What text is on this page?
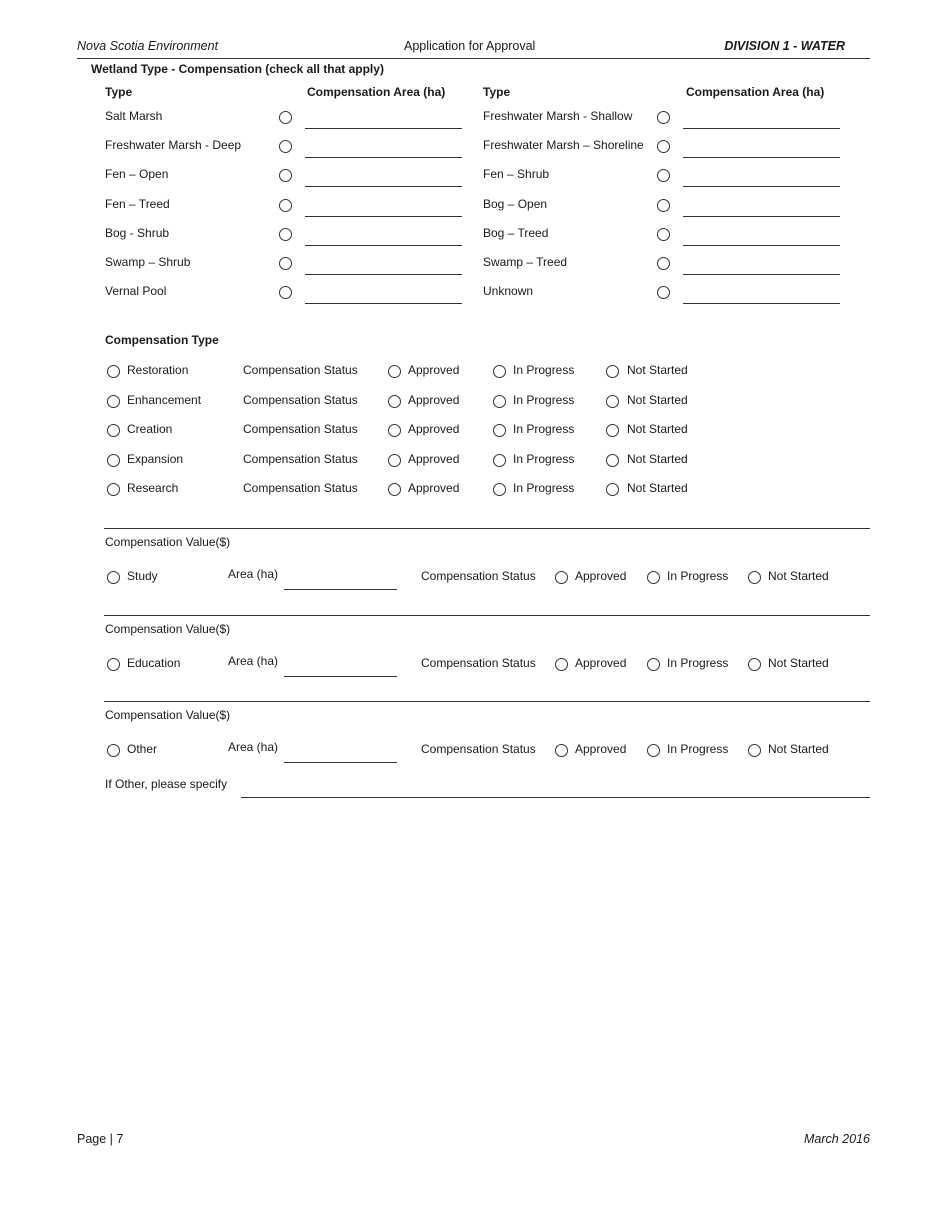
Nova Scotia Environment	Application for Approval	DIVISION 1 - WATER
Wetland Type - Compensation (check all that apply)
Type	Compensation Area (ha)	Type	Compensation Area (ha)
Salt Marsh	Freshwater Marsh - Shallow
Freshwater Marsh - Deep	Freshwater Marsh – Shoreline
Fen – Open	Fen – Shrub
Fen – Treed	Bog – Open
Bog - Shrub	Bog – Treed
Swamp – Shrub	Swamp – Treed
Vernal Pool	Unknown
Compensation Type
Restoration	Compensation Status	Approved	In Progress	Not Started
Enhancement	Compensation Status	Approved	In Progress	Not Started
Creation	Compensation Status	Approved	In Progress	Not Started
Expansion	Compensation Status	Approved	In Progress	Not Started
Research	Compensation Status	Approved	In Progress	Not Started
Compensation Value($)
Study	Area (ha)	Compensation Status	Approved	In Progress	Not Started
Compensation Value($)
Education	Area (ha)	Compensation Status	Approved	In Progress	Not Started
Compensation Value($)
Other	Area (ha)	Compensation Status	Approved	In Progress	Not Started
If Other, please specify
Page | 7	March 2016
